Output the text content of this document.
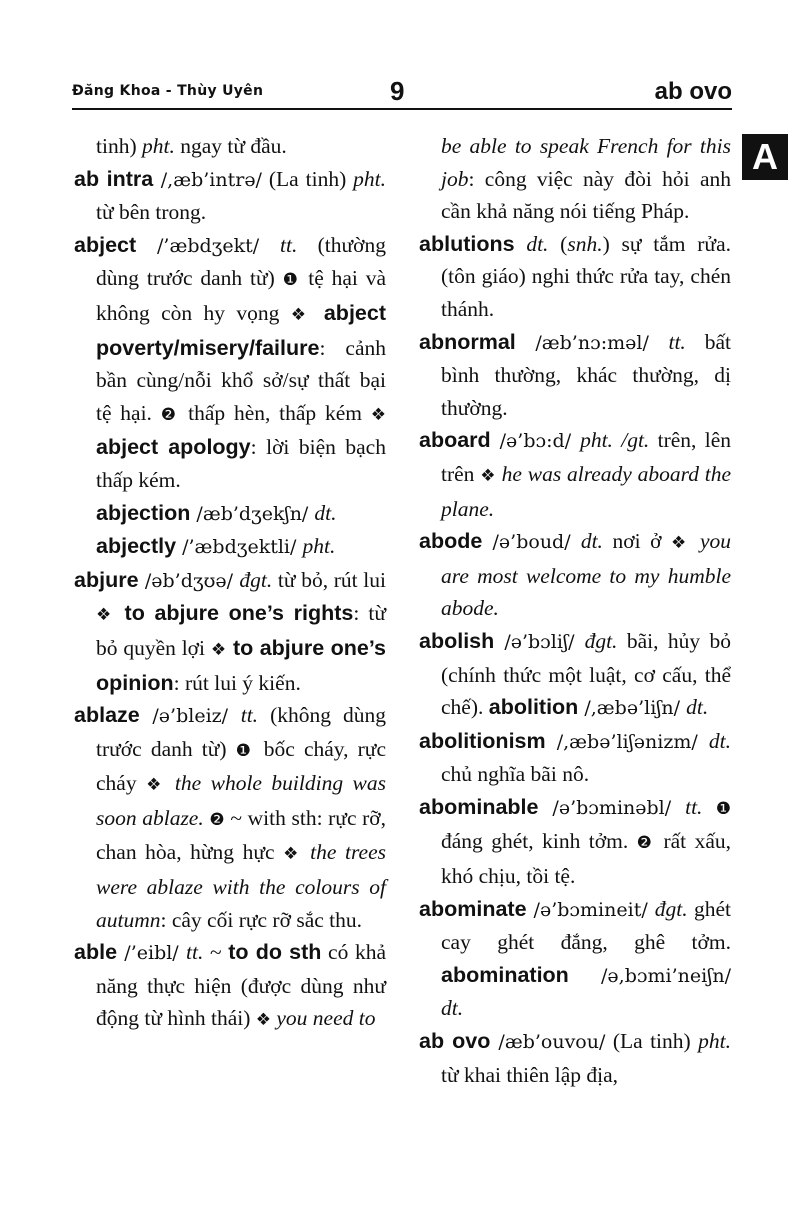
Đăng Khoa - Thùy Uyên	9	ab ovo
A
tinh) pht. ngay từ đầu.
ab intra /,æb’intrə/ (La tinh) pht. từ bên trong.
abject /’æbdʒekt/ tt. (thường dùng trước danh từ) ❶ tệ hại và không còn hy vọng ❖ abject poverty/misery/failure: cảnh bần cùng/nỗi khổ sở/sự thất bại tệ hại. ❷ thấp hèn, thấp kém ❖ abject apology: lời biện bạch thấp kém.
abjection /æb’dʒekʃn/ dt.
abjectly /’æbdʒektli/ pht.
abjure /əb’dʒʊə/ đgt. từ bỏ, rút lui ❖ to abjure one’s rights: từ bỏ quyền lợi ❖ to abjure one’s opinion: rút lui ý kiến.
ablaze /ə’bleiz/ tt. (không dùng trước danh từ) ❶ bốc cháy, rực cháy ❖ the whole building was soon ablaze. ❷ ~ with sth: rực rỡ, chan hòa, hừng hực ❖ the trees were ablaze with the colours of autumn: cây cối rực rỡ sắc thu.
able /’eibl/ tt. ~ to do sth có khả năng thực hiện (được dùng như động từ hình thái) ❖ you need to
be able to speak French for this job: công việc này đòi hỏi anh cần khả năng nói tiếng Pháp.
ablutions dt. (snh.) sự tắm rửa. (tôn giáo) nghi thức rửa tay, chén thánh.
abnormal /æb’nɔ:məl/ tt. bất bình thường, khác thường, dị thường.
aboard /ə’bɔ:d/ pht. /gt. trên, lên trên ❖ he was already aboard the plane.
abode /ə’boud/ dt. nơi ở ❖ you are most welcome to my humble abode.
abolish /ə’bɔliʃ/ đgt. bãi, hủy bỏ (chính thức một luật, cơ cấu, thể chế). abolition /,æbə’liʃn/ dt.
abolitionism /,æbə’liʃənizm/ dt. chủ nghĩa bãi nô.
abominable /ə’bɔminəbl/ tt. ❶ đáng ghét, kinh tởm. ❷ rất xấu, khó chịu, tồi tệ.
abominate /ə’bɔmineit/ đgt. ghét cay ghét đắng, ghê tởm. abomination /ə,bɔmi’neiʃn/ dt.
ab ovo /æb’ouvou/ (La tinh) pht. từ khai thiên lập địa,
